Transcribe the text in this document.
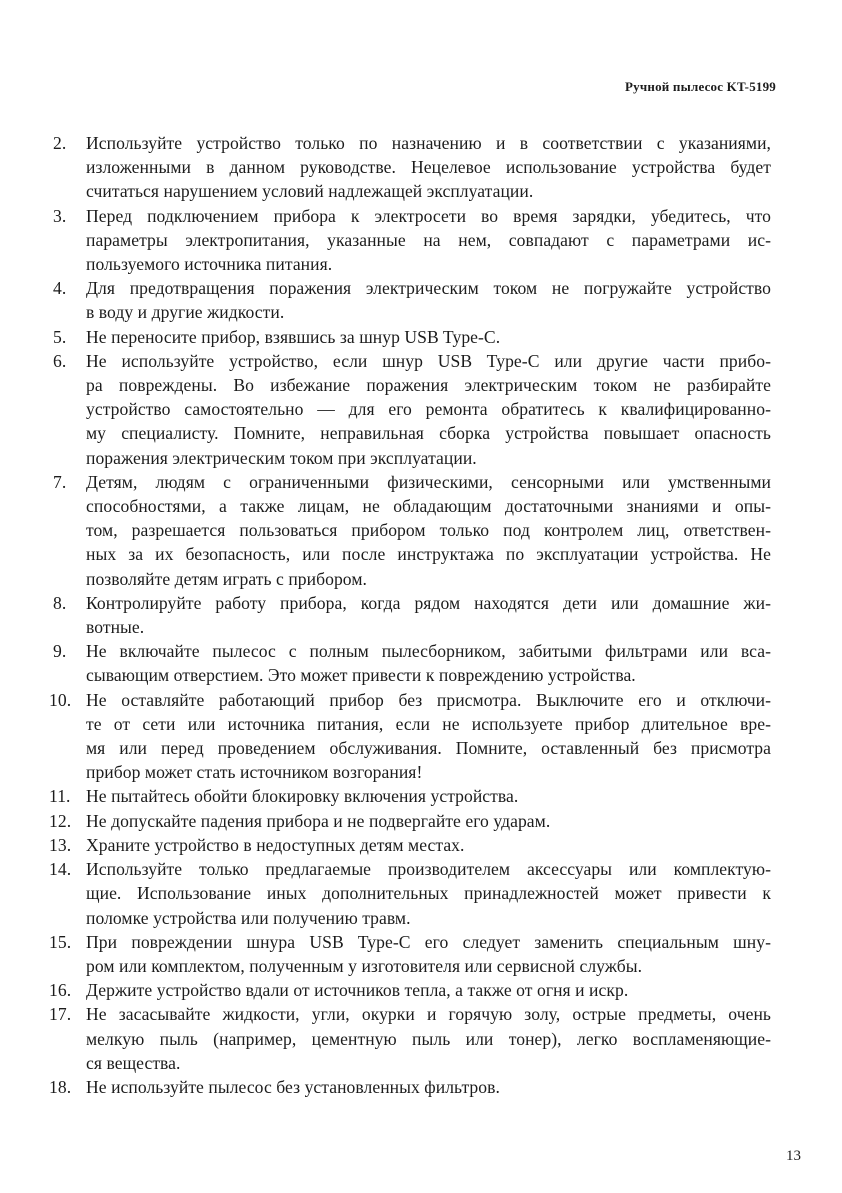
Ручной пылесос KT-5199
2.	Используйте устройство только по назначению и в соответствии с указаниями,
изложенными в данном руководстве. Нецелевое использование устройства будет
считаться нарушением условий надлежащей эксплуатации.
3.	Перед подключением прибора к электросети во время зарядки, убедитесь, что
параметры электропитания, указанные на нем, совпадают с параметрами ис-
пользуемого источника питания.
4.	Для предотвращения поражения электрическим током не погружайте устройство
в воду и другие жидкости.
5.	Не переносите прибор, взявшись за шнур USB Type-C.
6.	Не используйте устройство, если шнур USB Type-C или другие части прибо-
ра повреждены. Во избежание поражения электрическим током не разбирайте
устройство самостоятельно — для его ремонта обратитесь к квалифицированно-
му специалисту. Помните, неправильная сборка устройства повышает опасность
поражения электрическим током при эксплуатации.
7.	Детям, людям с ограниченными физическими, сенсорными или умственными
способностями, а также лицам, не обладающим достаточными знаниями и опы-
том, разрешается пользоваться прибором только под контролем лиц, ответствен-
ных за их безопасность, или после инструктажа по эксплуатации устройства. Не
позволяйте детям играть с прибором.
8.	Контролируйте работу прибора, когда рядом находятся дети или домашние жи-
вотные.
9.	Не включайте пылесос с полным пылесборником, забитыми фильтрами или вса-
сывающим отверстием. Это может привести к повреждению устройства.
10. Не оставляйте работающий прибор без присмотра. Выключите его и отключи-
те от сети или источника питания, если не используете прибор длительное вре-
мя или перед проведением обслуживания. Помните, оставленный без присмотра
прибор может стать источником возгорания!
11. Не пытайтесь обойти блокировку включения устройства.
12. Не допускайте падения прибора и не подвергайте его ударам.
13. Храните устройство в недоступных детям местах.
14. Используйте только предлагаемые производителем аксессуары или комплектую-
щие. Использование иных дополнительных принадлежностей может привести к
поломке устройства или получению травм.
15. При повреждении шнура USB Type-C его следует заменить специальным шну-
ром или комплектом, полученным у изготовителя или сервисной службы.
16. Держите устройство вдали от источников тепла, а также от огня и искр.
17. Не засасывайте жидкости, угли, окурки и горячую золу, острые предметы, очень
мелкую пыль (например, цементную пыль или тонер), легко воспламеняющие-
ся вещества.
18. Не используйте пылесос без установленных фильтров.
13
